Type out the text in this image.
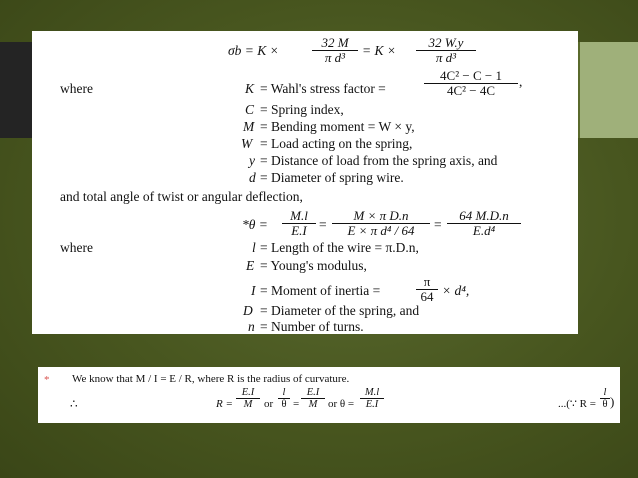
σb = K ×	$\frac{32 M}{\text{π d³}} = K \times \frac{32 W.y}{\text{π d³}}$
where	K = Wahl's stress factor =	$\frac{\text{4C² − C − 1}}{\text{4C² − 4C}}$ ,
C = Spring index,
M = Bending moment = W × y,
W = Load acting on the spring,
y = Distance of load from the spring axis, and
d = Diameter of spring wire.
and total angle of twist or angular deflection,
$*\theta = \frac{M.l}{E.I} = \frac{\text{M × π D.n}}{\text{E × π d⁴ / 64}} = \frac{64 M.D.n}{\text{E.d⁴}}$
where	l = Length of the wire = π.D.n,
E = Young's modulus,
I = Moment of inertia =	$\frac{\pi}{64} \times d^4$,
D = Diameter of the spring, and
n = Number of turns.
* We know that M / I = E / R, where R is the radius of curvature.
∴	$R = \frac{E.I}{M}$ or $\frac{l}{\theta} = \frac{E.I}{M}$ or $\theta = \frac{M.l}{E.I}$	...(∵ $R = \frac{l}{\theta}$ )
